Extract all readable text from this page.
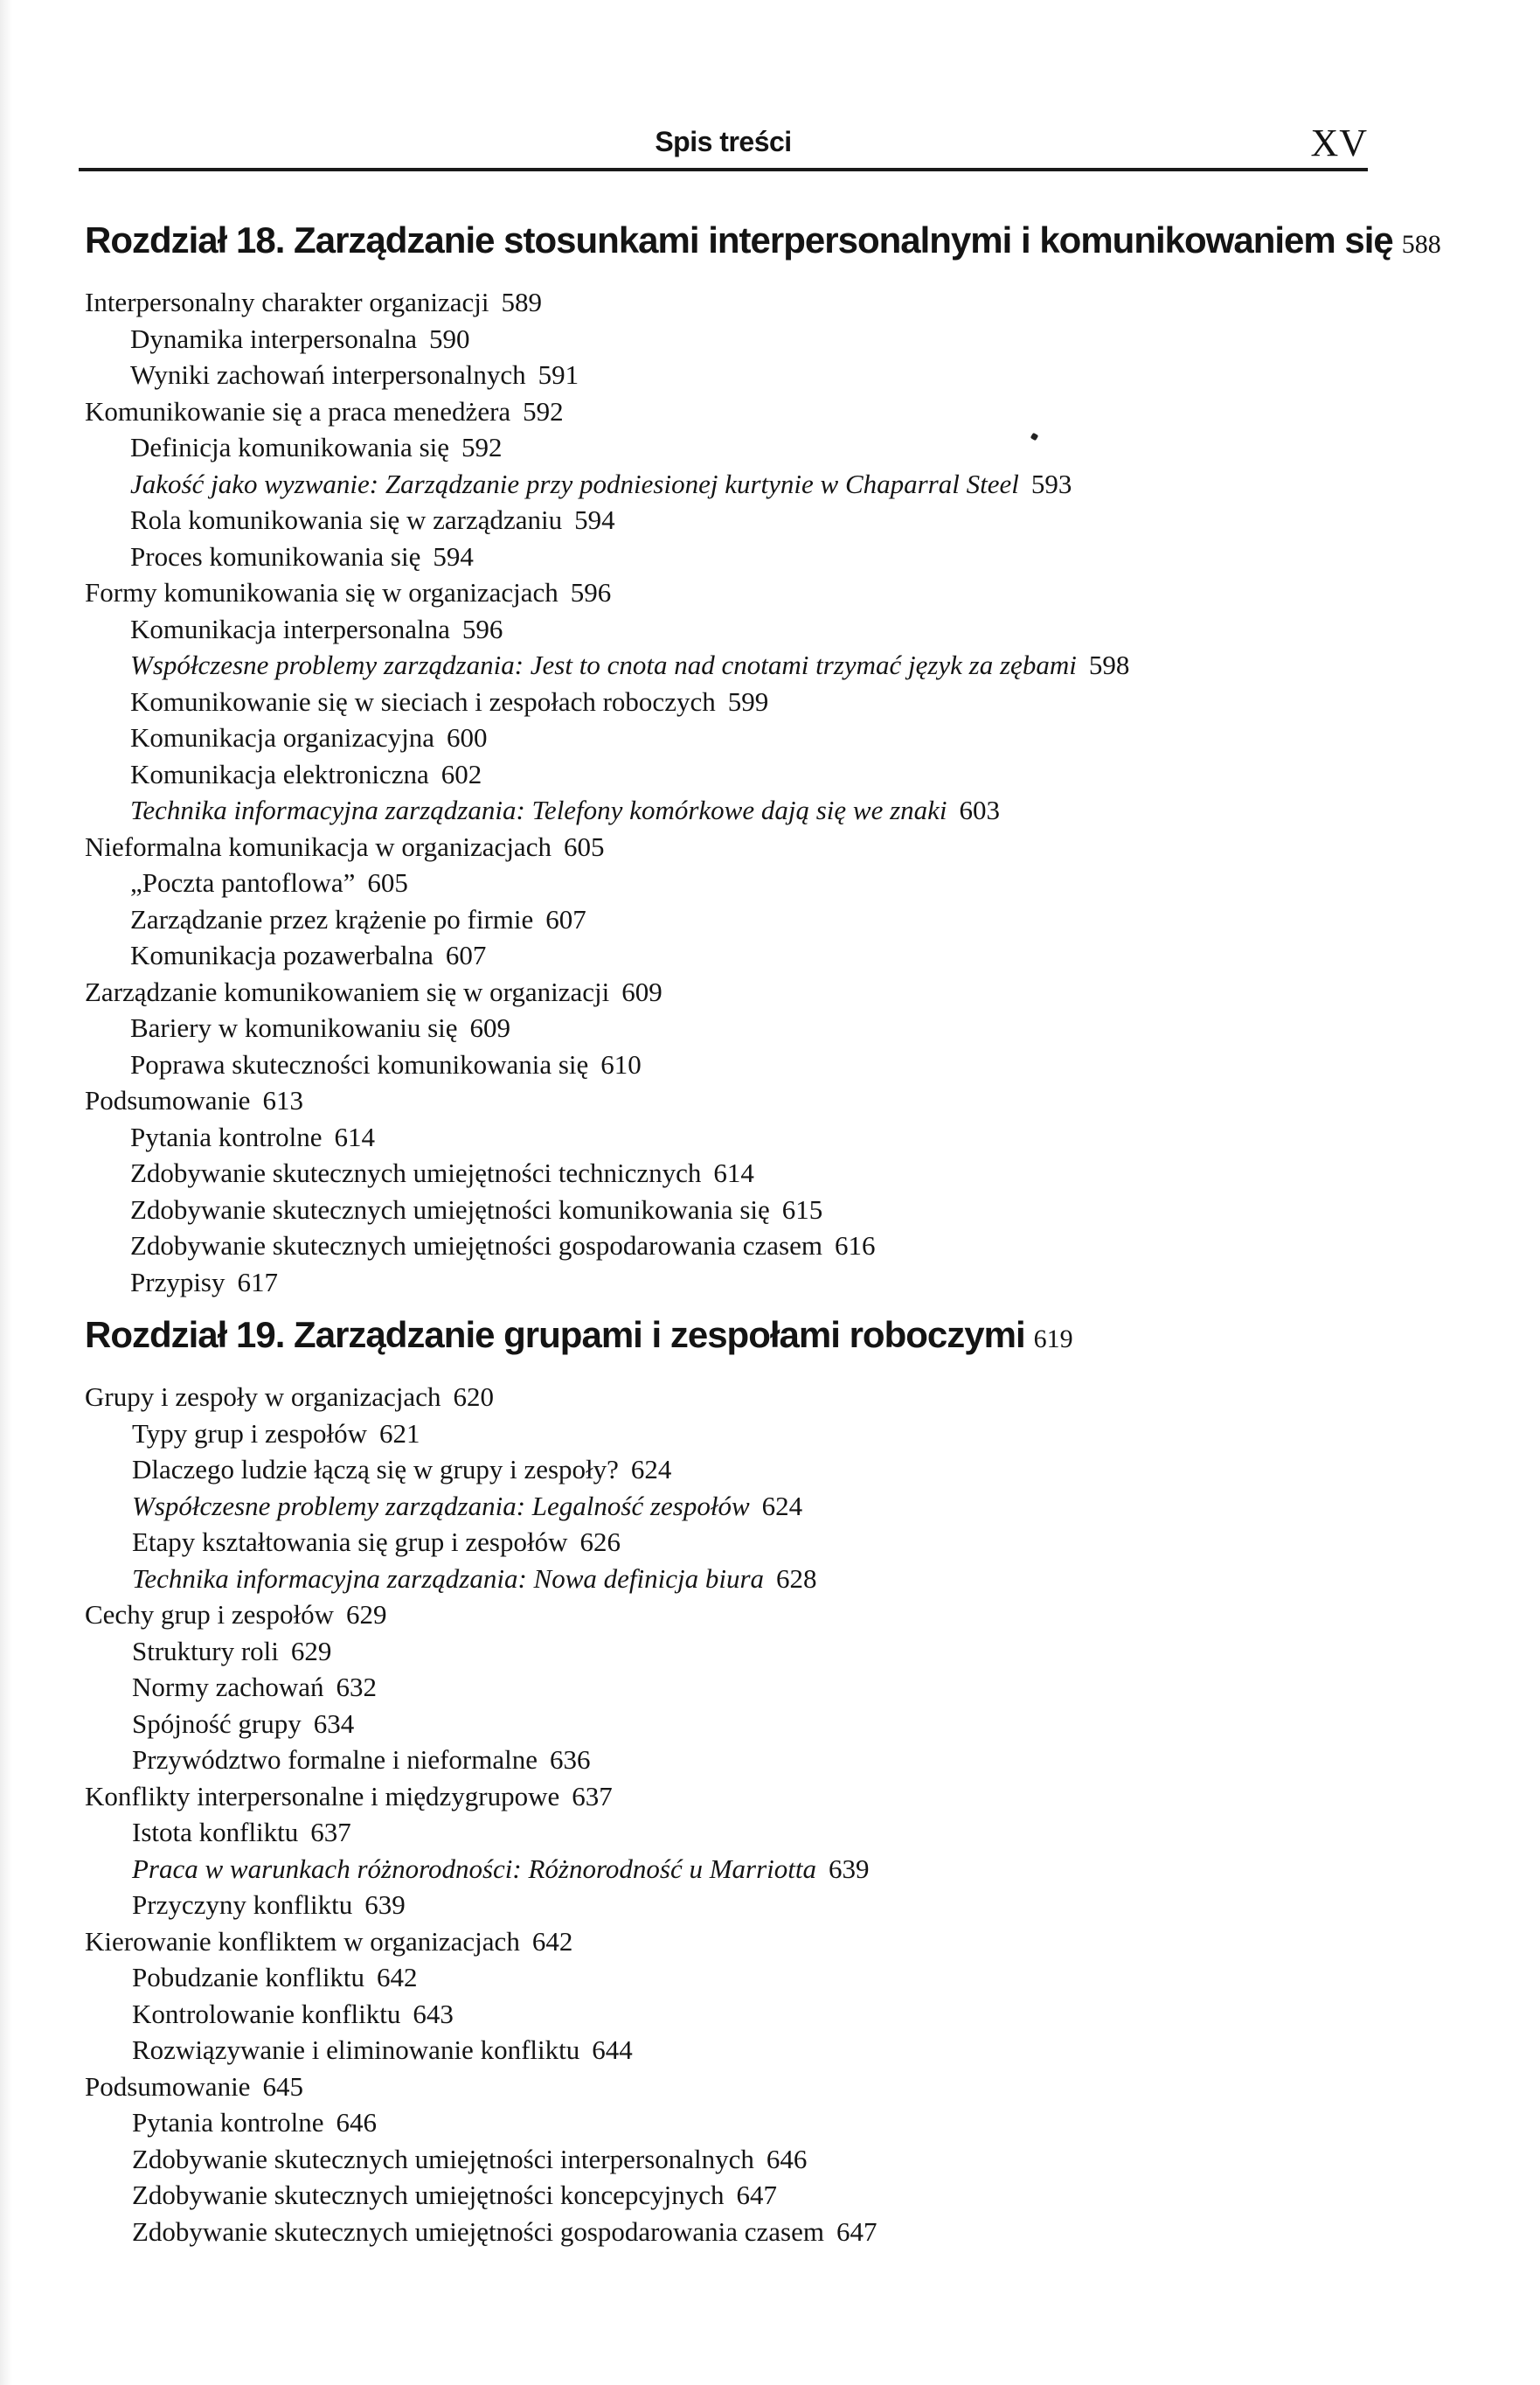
Spis treści	XV
Rozdział 18. Zarządzanie stosunkami interpersonalnymi i komunikowaniem się 588
Interpersonalny charakter organizacji 589
Dynamika interpersonalna 590
Wyniki zachowań interpersonalnych 591
Komunikowanie się a praca menedżera 592
Definicja komunikowania się 592
Jakość jako wyzwanie: Zarządzanie przy podniesionej kurtynie w Chaparral Steel 593
Rola komunikowania się w zarządzaniu 594
Proces komunikowania się 594
Formy komunikowania się w organizacjach 596
Komunikacja interpersonalna 596
Współczesne problemy zarządzania: Jest to cnota nad cnotami trzymać język za zębami 598
Komunikowanie się w sieciach i zespołach roboczych 599
Komunikacja organizacyjna 600
Komunikacja elektroniczna 602
Technika informacyjna zarządzania: Telefony komórkowe dają się we znaki 603
Nieformalna komunikacja w organizacjach 605
„Poczta pantoflowa” 605
Zarządzanie przez krążenie po firmie 607
Komunikacja pozawerbalna 607
Zarządzanie komunikowaniem się w organizacji 609
Bariery w komunikowaniu się 609
Poprawa skuteczności komunikowania się 610
Podsumowanie 613
Pytania kontrolne 614
Zdobywanie skutecznych umiejętności technicznych 614
Zdobywanie skutecznych umiejętności komunikowania się 615
Zdobywanie skutecznych umiejętności gospodarowania czasem 616
Przypisy 617
Rozdział 19. Zarządzanie grupami i zespołami roboczymi 619
Grupy i zespoły w organizacjach 620
Typy grup i zespołów 621
Dlaczego ludzie łączą się w grupy i zespoły? 624
Współczesne problemy zarządzania: Legalność zespołów 624
Etapy kształtowania się grup i zespołów 626
Technika informacyjna zarządzania: Nowa definicja biura 628
Cechy grup i zespołów 629
Struktury roli 629
Normy zachowań 632
Spójność grupy 634
Przywództwo formalne i nieformalne 636
Konflikty interpersonalne i międzygrupowe 637
Istota konfliktu 637
Praca w warunkach różnorodności: Różnorodność u Marriotta 639
Przyczyny konfliktu 639
Kierowanie konfliktem w organizacjach 642
Pobudzanie konfliktu 642
Kontrolowanie konfliktu 643
Rozwiązywanie i eliminowanie konfliktu 644
Podsumowanie 645
Pytania kontrolne 646
Zdobywanie skutecznych umiejętności interpersonalnych 646
Zdobywanie skutecznych umiejętności koncepcyjnych 647
Zdobywanie skutecznych umiejętności gospodarowania czasem 647
